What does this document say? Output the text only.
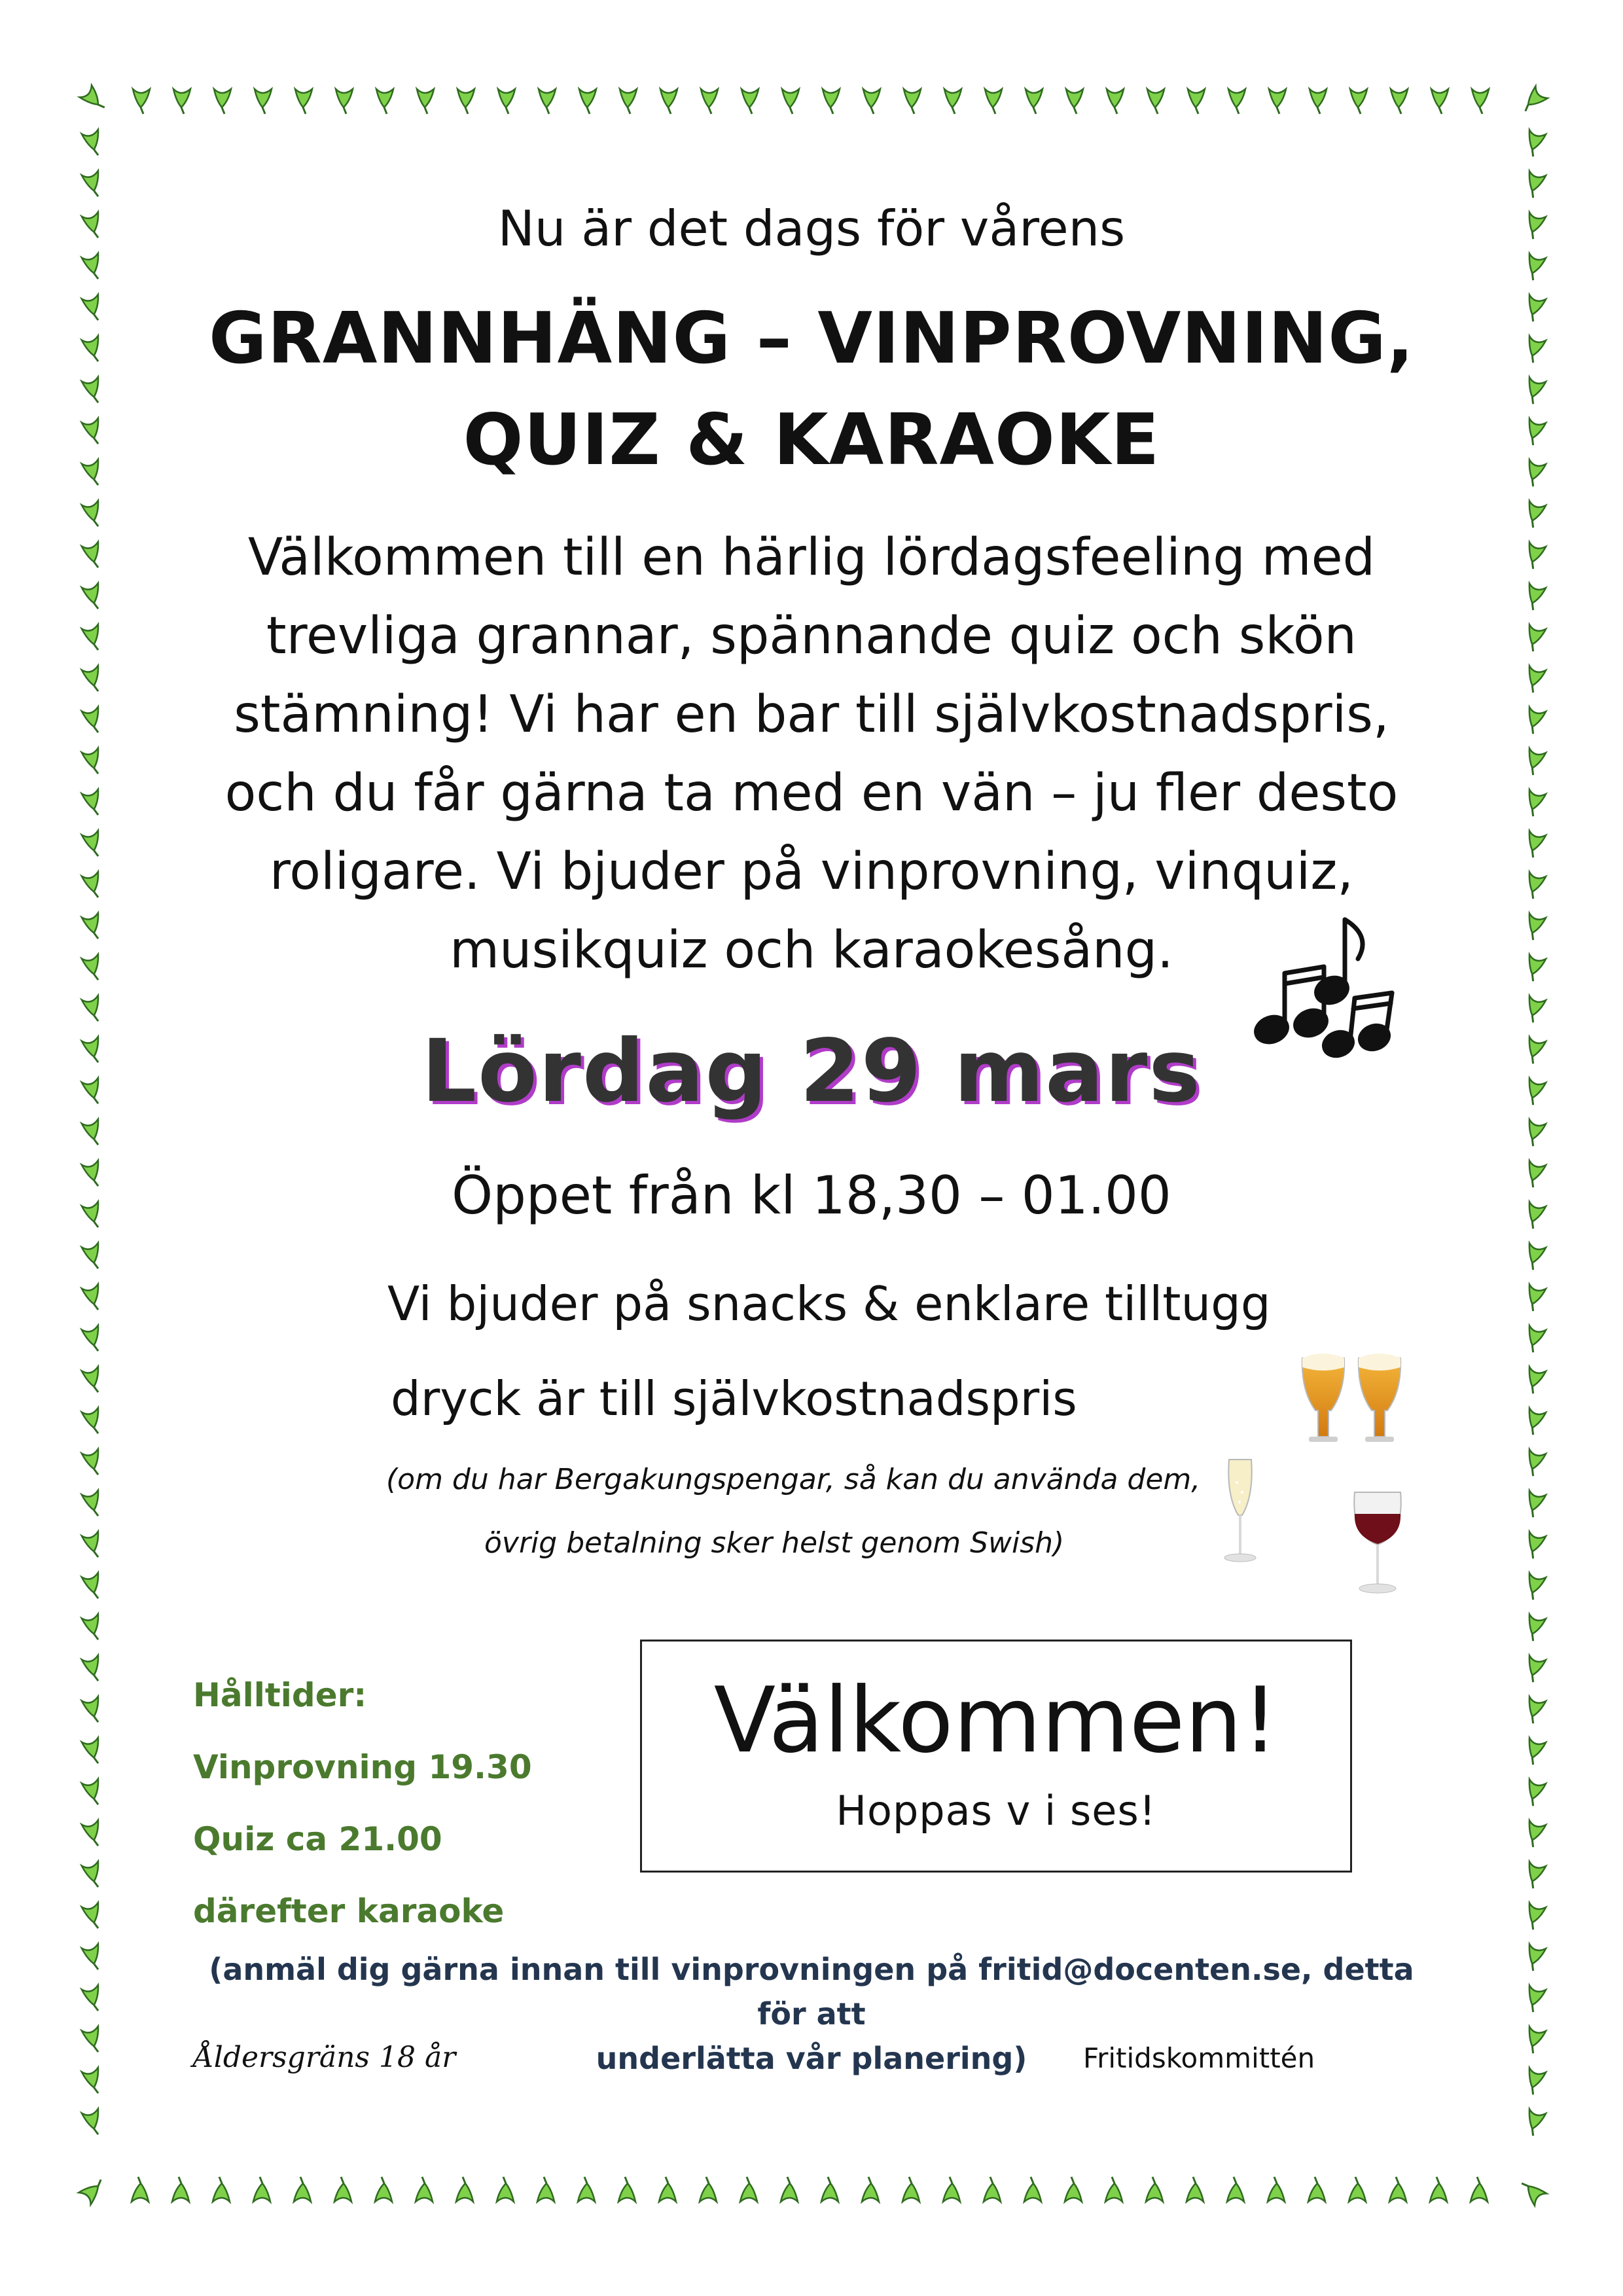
Nu är det dags för vårens
GRANNHÄNG – VINPROVNING,
QUIZ & KARAOKE
Välkommen till en härlig lördagsfeeling med
trevliga grannar, spännande quiz och skön
stämning! Vi har en bar till självkostnadspris,
och du får gärna ta med en vän – ju fler desto
roligare. Vi bjuder på vinprovning, vinquiz,
musikquiz och karaokesång.
Lördag 29 mars
Öppet från kl 18,30 – 01.00
Vi bjuder på snacks & enklare tilltugg
dryck är till självkostnadspris
(om du har Bergakungspengar, så kan du använda dem,
övrig betalning sker helst genom Swish)
Hålltider:
Vinprovning 19.30
Quiz ca 21.00
därefter karaoke
Välkommen!
Hoppas v i ses!
(anmäl dig gärna innan till vinprovningen på fritid@docenten.se, detta för att
underlätta vår planering)
Åldersgräns 18 år	Fritidskommittén
